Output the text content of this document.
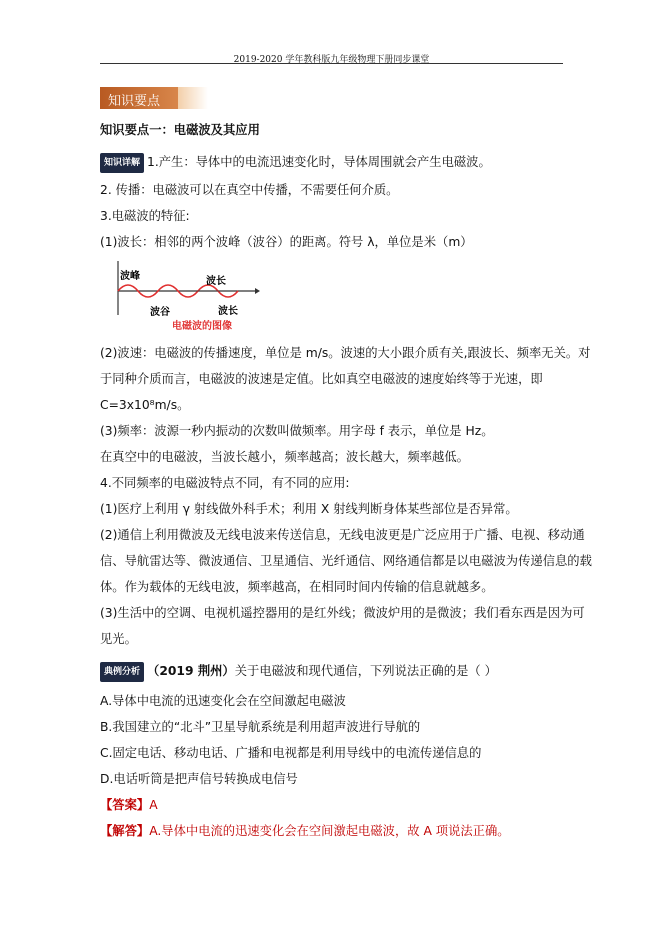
2019-2020 学年教科版九年级物理下册同步课堂
知识要点
知识要点一：电磁波及其应用
知识详解 1.产生：导体中的电流迅速变化时，导体周围就会产生电磁波。
2. 传播：电磁波可以在真空中传播，不需要任何介质。
3.电磁波的特征:
(1)波长：相邻的两个波峰（波谷）的距离。符号 λ，单位是米（m）
波峰
波谷
波长
波长
电磁波的图像
(2)波速：电磁波的传播速度，单位是 m/s。波速的大小跟介质有关,跟波长、频率无关。对
于同种介质而言，电磁波的波速是定值。比如真空电磁波的速度始终等于光速，即
C=3x10⁸m/s。
(3)频率：波源一秒内振动的次数叫做频率。用字母 f 表示，单位是 Hz。
在真空中的电磁波，当波长越小，频率越高；波长越大，频率越低。
4.不同频率的电磁波特点不同，有不同的应用:
(1)医疗上利用 γ 射线做外科手术；利用 X 射线判断身体某些部位是否异常。
(2)通信上利用微波及无线电波来传送信息，无线电波更是广泛应用于广播、电视、移动通
信、导航雷达等、微波通信、卫星通信、光纤通信、网络通信都是以电磁波为传递信息的载
体。作为载体的无线电波，频率越高，在相同时间内传输的信息就越多。
(3)生活中的空调、电视机遥控器用的是红外线；微波炉用的是微波；我们看东西是因为可
见光。
典例分析 （2019 荆州）关于电磁波和现代通信，下列说法正确的是（ ）
A.导体中电流的迅速变化会在空间激起电磁波
B.我国建立的“北斗”卫星导航系统是利用超声波进行导航的
C.固定电话、移动电话、广播和电视都是利用导线中的电流传递信息的
D.电话听筒是把声信号转换成电信号
【答案】A
【解答】A.导体中电流的迅速变化会在空间激起电磁波，故 A 项说法正确。
